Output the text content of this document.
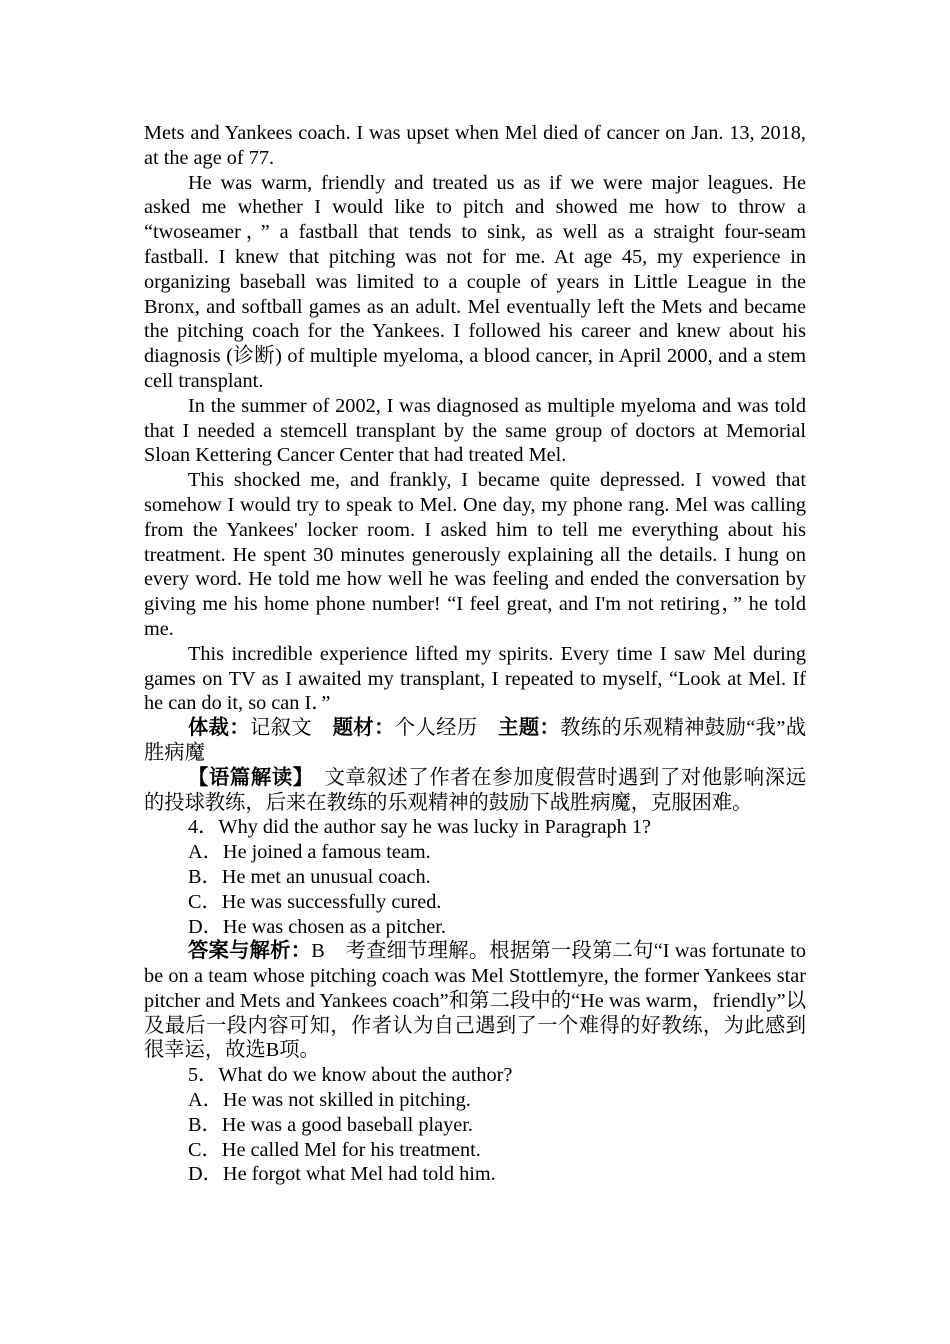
Mets and Yankees coach. I was upset when Mel died of cancer on Jan. 13, 2018, at the age of 77.

He was warm, friendly and treated us as if we were major leagues. He asked me whether I would like to pitch and showed me how to throw a “twoseamer，” a fastball that tends to sink, as well as a straight four-seam fastball. I knew that pitching was not for me. At age 45, my experience in organizing baseball was limited to a couple of years in Little League in the Bronx, and softball games as an adult. Mel eventually left the Mets and became the pitching coach for the Yankees. I followed his career and knew about his diagnosis (诊断) of multiple myeloma, a blood cancer, in April 2000, and a stem cell transplant.

In the summer of 2002, I was diagnosed as multiple myeloma and was told that I needed a stemcell transplant by the same group of doctors at Memorial Sloan Kettering Cancer Center that had treated Mel.

This shocked me, and frankly, I became quite depressed. I vowed that somehow I would try to speak to Mel. One day, my phone rang. Mel was calling from the Yankees' locker room. I asked him to tell me everything about his treatment. He spent 30 minutes generously explaining all the details. I hung on every word. He told me how well he was feeling and ended the conversation by giving me his home phone number! “I feel great, and I'm not retiring，” he told me.

This incredible experience lifted my spirits. Every time I saw Mel during games on TV as I awaited my transplant, I repeated to myself, “Look at Mel. If he can do it, so can I．”

体裁：记叙文　 题材：个人经历　 主题：教练的乐观精神鼓励“我”战胜病魔

【语篇解读】　 文章叙述了作者在参加度假营时遇到了对他影响深远的投球教练，后来在教练的乐观精神的鼓励下战胜病魔，克服困难。

4．Why did the author say he was lucky in Paragraph 1?

A．He joined a famous team.

B．He met an unusual coach.

C．He was successfully cured.

D．He was chosen as a pitcher.

答案与解析：B　考查细节理解。根据第一段第二句“I was fortunate to be on a team whose pitching coach was Mel Stottlemyre, the former Yankees star pitcher and Mets and Yankees coach”和第二段中的“He was warm，friendly”以及最后一段内容可知，作者认为自己遇到了一个难得的好教练，为此感到很幸运，故选B项。

5．What do we know about the author?

A．He was not skilled in pitching.

B．He was a good baseball player.

C．He called Mel for his treatment.

D．He forgot what Mel had told him.
